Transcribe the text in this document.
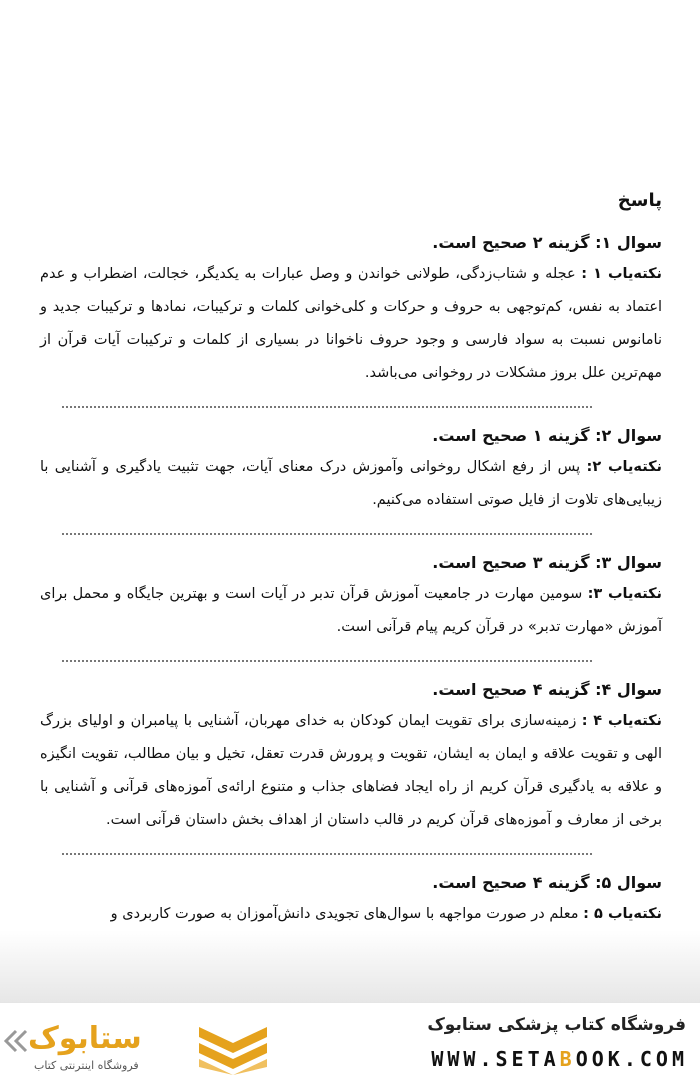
پاسخ
سوال ۱: گزینه ۲ صحیح است.

نکته‌یاب ۱ : عجله و شتاب‌زدگی، طولانی خواندن و وصل عبارات به یکدیگر، خجالت، اضطراب و عدم اعتماد به نفس، کم‌توجهی به حروف و حرکات و کلی‌خوانی کلمات و ترکیبات، نمادها و ترکیبات جدید و نامانوس نسبت به سواد فارسی و وجود حروف ناخوانا در بسیاری از کلمات و ترکیبات آیات قرآن از مهم‌ترین علل بروز مشکلات در روخوانی می‌باشد.

سوال ۲: گزینه ۱ صحیح است.

نکته‌یاب ۲: پس از رفع اشکال روخوانی وآموزش درک معنای آیات، جهت تثبیت یادگیری و آشنایی با زیبایی‌های تلاوت از فایل صوتی استفاده می‌کنیم.

سوال ۳: گزینه ۳ صحیح است.

نکته‌یاب ۳: سومین مهارت در جامعیت آموزش قرآن تدبر در آیات است و بهترین جایگاه و محمل برای آموزش «مهارت تدبر» در قرآن کریم پیام قرآنی است.

سوال ۴: گزینه ۴ صحیح است.

نکته‌یاب ۴ : زمینه‌سازی برای تقویت ایمان کودکان به خدای مهربان، آشنایی با پیامبران و اولیای بزرگ الهی و تقویت علاقه و ایمان به ایشان، تقویت و پرورش قدرت تعقل، تخیل و بیان مطالب، تقویت انگیزه و علاقه به یادگیری قرآن کریم از راه ایجاد فضاهای جذاب و متنوع ارائه‌ی آموزه‌های قرآنی و آشنایی با برخی از معارف و آموزه‌های قرآن کریم در قالب داستان از اهداف بخش داستان قرآنی است.

سوال ۵: گزینه ۴ صحیح است.

نکته‌یاب ۵ : معلم در صورت مواجهه با سوال‌های تجویدی دانش‌آموزان به صورت کاربردی و

فروشگاه کتاب پزشکی ستابوک
WWW.SETABOOK.COM
ستابوک
فروشگاه اینترنتی کتاب
